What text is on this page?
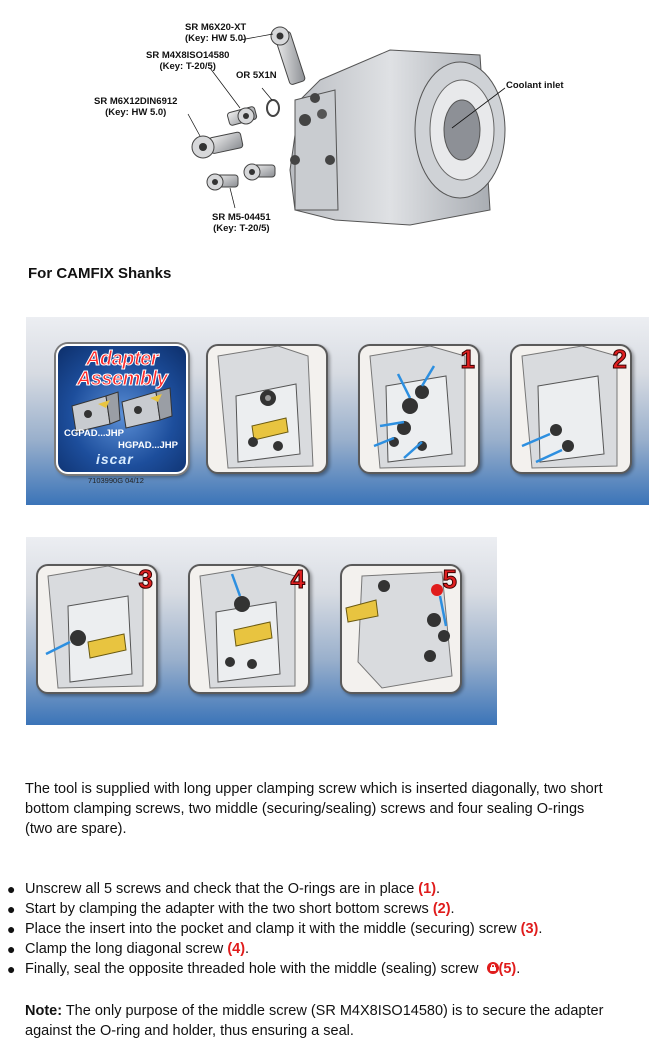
SR M6X20-XT
(Key: HW 5.0)
SR M4X8ISO14580
(Key: T-20/5)
OR 5X1N
SR M6X12DIN6912
(Key: HW 5.0)
SR M5-04451
(Key: T-20/5)
Coolant inlet
For CAMFIX Shanks
Adapter
Assembly
CGPAD...JHP
HGPAD...JHP
iscar
7103990G 04/12
1	2
3	4	5
The tool is supplied with long upper clamping screw which is inserted diagonally, two short bottom clamping screws, two middle (securing/sealing) screws and four sealing O-rings
(two are spare).
● Unscrew all 5 screws and check that the O-rings are in place (1).
● Start by clamping the adapter with the two short bottom screws (2).
● Place the insert into the pocket and clamp it with the middle (securing) screw (3).
● Clamp the long diagonal screw (4).
● Finally, seal the opposite threaded hole with the middle (sealing) screw (5).
Note: The only purpose of the middle screw (SR M4X8ISO14580) is to secure the adapter against the O-ring and holder, thus ensuring a seal.
